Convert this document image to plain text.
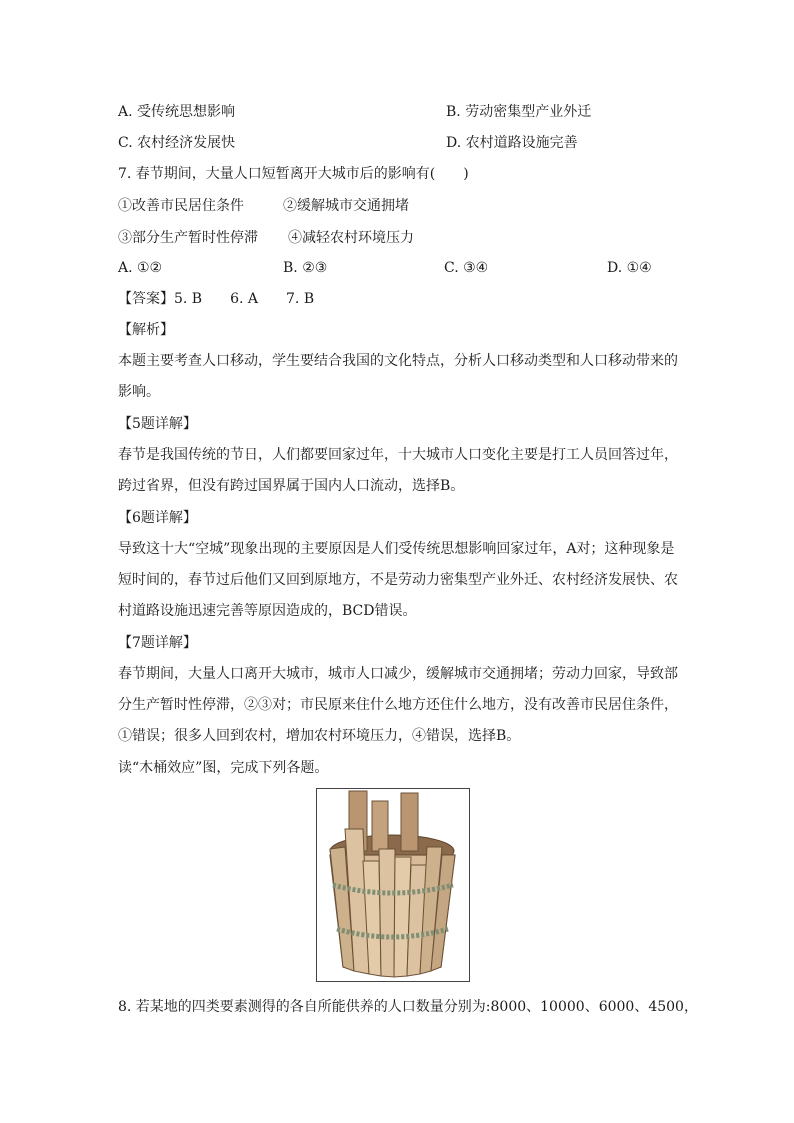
A. 受传统思想影响	B. 劳动密集型产业外迁
C. 农村经济发展快	D. 农村道路设施完善
7. 春节期间，大量人口短暂离开大城市后的影响有(　　)
①改善市民居住条件	②缓解城市交通拥堵
③部分生产暂时性停滞 ④减轻农村环境压力
A. ①②	B. ②③	C. ③④	D. ①④
【答案】5. B　　6. A　　7. B
【解析】
本题主要考查人口移动，学生要结合我国的文化特点，分析人口移动类型和人口移动带来的影响。
【5题详解】
春节是我国传统的节日，人们都要回家过年，十大城市人口变化主要是打工人员回答过年，跨过省界，但没有跨过国界属于国内人口流动，选择B。
【6题详解】
导致这十大“空城”现象出现的主要原因是人们受传统思想影响回家过年，A对；这种现象是短时间的，春节过后他们又回到原地方，不是劳动力密集型产业外迁、农村经济发展快、农村道路设施迅速完善等原因造成的，BCD错误。
【7题详解】
春节期间，大量人口离开大城市，城市人口减少，缓解城市交通拥堵；劳动力回家，导致部分生产暂时性停滞，②③对；市民原来住什么地方还住什么地方，没有改善市民居住条件，①错误；很多人回到农村，增加农村环境压力，④错误，选择B。
读“木桶效应”图，完成下列各题。
8. 若某地的四类要素测得的各自所能供养的人口数量分别为:8000、10000、6000、4500，
